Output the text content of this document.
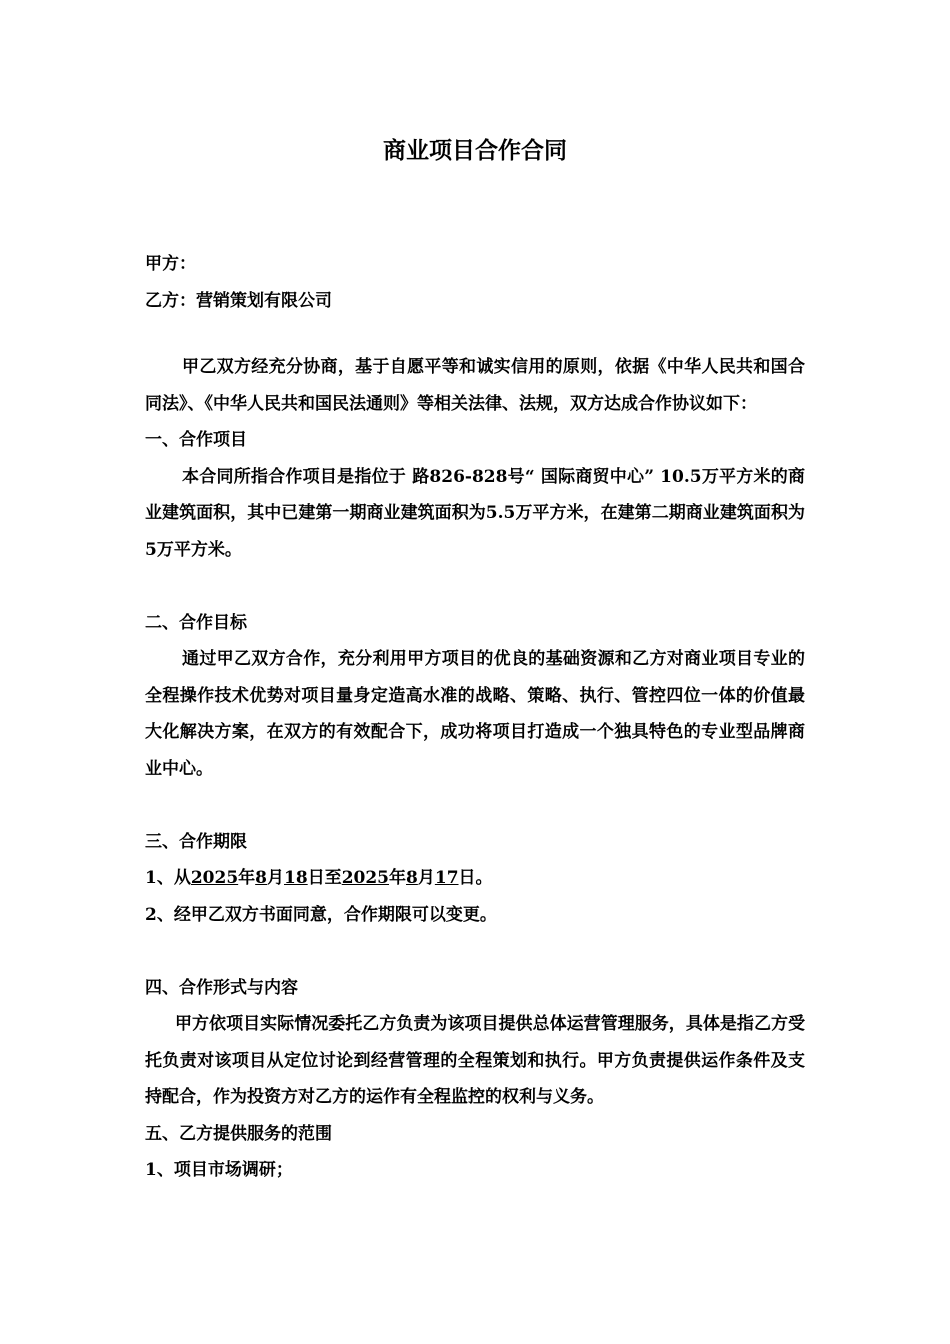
商业项目合作合同
甲方：
乙方：营销策划有限公司
甲乙双方经充分协商，基于自愿平等和诚实信用的原则，依据《中华人民共和国合同法》、《中华人民共和国民法通则》等相关法律、法规，双方达成合作协议如下：
一、合作项目
本合同所指合作项目是指位于 路826-828号“ 国际商贸中心” 10.5万平方米的商业建筑面积，其中已建第一期商业建筑面积为5.5万平方米，在建第二期商业建筑面积为5万平方米。
二、合作目标
通过甲乙双方合作，充分利用甲方项目的优良的基础资源和乙方对商业项目专业的全程操作技术优势对项目量身定造高水准的战略、策略、执行、管控四位一体的价值最大化解决方案，在双方的有效配合下，成功将项目打造成一个独具特色的专业型品牌商业中心。
三、合作期限
1、从2025年8月18日至2025年8月17日。
2、经甲乙双方书面同意，合作期限可以变更。
四、合作形式与内容
甲方依项目实际情况委托乙方负责为该项目提供总体运营管理服务，具体是指乙方受托负责对该项目从定位讨论到经营管理的全程策划和执行。甲方负责提供运作条件及支持配合，作为投资方对乙方的运作有全程监控的权利与义务。
五、乙方提供服务的范围
1、项目市场调研；
